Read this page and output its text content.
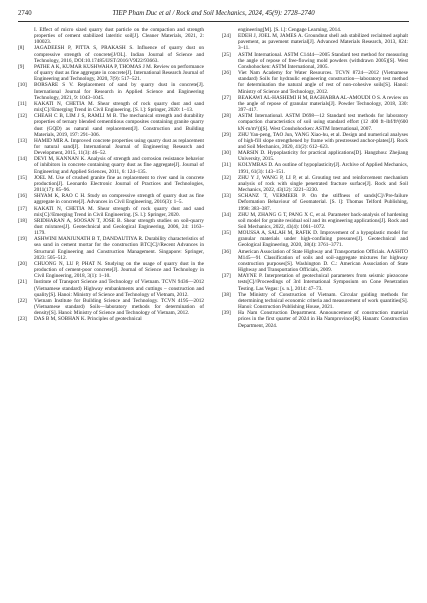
2740	TIEP Pham Duc et al / Rock and Soil Mechanics, 2024, 45(9): 2728–2740

I. Effect of micro sized quarry dust particle on the compaction and strength properties of cement stabilized lateritic soil[J]. Cleaner Materials, 2021, 2: 100023.

[8] JAGADEESH P, PITTA S, PRAKASH S. Influence of quarry dust on compressive strength of concrete[J/OL]. Indian Journal of Science and Technology, 2016, DOI:10.17485/IJST/2016/V9I22/93663.

[9] PATHE A K, KUMAR KUSHWAHA P, THOMAS J M. Review on performance of quarry dust as fine aggregate in concrete[J]. International Research Journal of Engineering and Technology, 2020, 7(9): 517–521.

[10] BORSARE S V. Replacement of sand by quarry dust in concrete[J]. International Journal for Research in Applied Science and Engineering Technology, 2021, 9: 1043–1045.

[11] KAKATI N, CHETIA M. Shear strength of rock quarry dust and sand mix[C]//Emerging Trend in Civil Engineering. [S. l.]: Springer, 2020: 1–13.

[12] CHEAH C B, LIM J S, RAMLI M B. The mechanical strength and durability properties of ternary blended cementitious composites containing granite quarry dust (GQD) as natural sand replacement[J]. Construction and Building Materials, 2019, 197: 291–306.

[13] HAMID MIR A. Improved concrete properties using quarry dust as replacement for natural sand[J]. International Journal of Engineering Research and Development, 2015, 11(3): 46–52.

[14] DEVI M, KANNAN K. Analysis of strength and corrosion resistance behavior of inhibitors in concrete containing quarry dust as fine aggregate[J]. Journal of Engineering and Applied Sciences, 2011, 6: 124–135.

[15] JOEL M. Use of crushed granite fine as replacement to river sand in concrete production[J]. Leonardo Electronic Journal of Practices and Technologies, 2011(17): 85–96.

[16] SHYAM K, RAO C H. Study on compressive strength of quarry dust as fine aggregate in concrete[J]. Advances in Civil Engineering, 2016(3): 1–5.

[17] KAKATI N, CHETIA M. Shear strength of rock quarry dust and sand mix[C]//Emerging Trend in Civil Engineering. [S. l.]: Springer, 2020.

[18] SRIDHARAN A, SOOSAN T, JOSE B. Shear strength studies on soil-quarry dust mixtures[J]. Geotechnical and Geological Engineering, 2006, 24: 1163–1179.

[19] ASHWINI MANJUNATH B T, DANDAUTIYA R. Durability characteristics of sea sand in cement mortar for the construction BTC[C]//Recent Advances in Structural Engineering and Construction Management. Singapore: Springer, 2023: 505–512.

[20] CHUONG N, LU P, PHAT N. Studying on the usage of quarry dust in the production of cement-poor concrete[J]. Journal of Science and Technology in Civil Engineering, 2018, 3(1): 1–10.

[21] Institute of Transport Science and Technology of Vietnam. TCVN 9436—2012 (Vietnamese standard) Highway embankments and cuttings – construction and quality[S]. Hanoi: Ministry of Science and Technology of Vietnam, 2012.

[22] Vietnam Institute for Building Science and Technology. TCVN 4195—2012 (Vietnamese standard) Soils—laboratory methods for determination of density[S]. Hanoi: Ministry of Science and Technology of Vietnam, 2012.

[23] DAS B M, SOBHAN K. Principles of geotechnical

engineering[M]. [S. l.]: Cengage Learning, 2014.

[24] EDEH J, JOEL M, JAMES A. Groundnut shell ash stabilized reclaimed asphalt pavement, as pavement material[J]. Advanced Materials Research, 2013, 824: 3–11.

[25] ASTM International. ASTM C1444—2005 Standard test method for measuring the angle of repose of free-flowing mold powders (withdrawn 2005)[S]. West Conshohocken: ASTM International, 2005.

[26] Viet Nam Academy for Water Resources. TCVN 8724—2012 (Vietnamese standard) Soils for hydraulic engineering construction—laboratory test method for determination the natural angle of rest of non-cohesive soils[S]. Hanoi: Ministry of Science and Technology, 2012.

[27] BEAKAWI AL-HASHEMI H M, BAGHABRA AL-AMOUDI O S. A review on the angle of repose of granular materials[J]. Powder Technology, 2018, 330: 397–417.

[28] ASTM International. ASTM D698—12 Standard test methods for laboratory compaction characteristics of soil using standard effort (12 400 ft–lbf/ft³(600 kN·m/m³))[S]. West Conshohocken: ASTM International, 2007.

[29] ZHU Yan-peng, TAO Jun, YANG Xiao-hu, et al. Design and numerical analyses of high-fill slope strengthened by frame with prestressed anchor-plates[J]. Rock and Soil Mechanics, 2020, 41(2): 612–623.

[30] MARSIN D. Hypoplasticity for practical applications[D]. Hangzhou: Zhejiang University, 2015.

[31] KOLYMBAS D. An outline of hypoplasticity[J]. Archive of Applied Mechanics, 1991, 61(3): 143–151.

[32] ZHU Y J, WANG P, LI P, et al. Grouting test and reinforcement mechanism analysis of rock with single penetrated fracture surface[J]. Rock and Soil Mechanics, 2022, 43(12): 3221–3230.

[33] SCHANZ T, VERMEER P. On the stiffness of sands[C]//Pre-failure Deformation Behaviour of Geomaterial. [S. l]: Thomas Telford Publishing, 1998: 383–387.

[34] ZHU M, ZHANG G T, PANG X C, et al. Parameter back-analysis of hardening soil model for granite residual soil and its engineering applications[J]. Rock and Soil Mechanics, 2022, 43(4): 1061–1072.

[35] MOUSSA A, SALAH M, RAFIK D. Improvement of a hypoplastic model for granular materials under high-confining pressures[J]. Geotechnical and Geological Engineering, 2020, 38(4): 3761–3771.

[36] American Association of State Highway and Transportation Officials. AASHTO M145—91 Classification of soils and soil–aggregate mixtures for highway construction purposes[S]. Washington D. C.: American Association of State Highway and Transportation Officials, 2009.

[37] MAYNE P. Interpretation of geotechnical parameters from seismic piezocone tests[C]//Proceedings of 3rd International Symposium on Cone Penetration Testing. Las Vegas: [s. n.], 2014: 47–73.

[38] The Ministry of Construction of Vietnam. Circular guiding methods for determining technical economic criteria and measurement of work quantities[S]. Hanoi: Construction Publishing House, 2021.

[39] Ha Nam Construction Department. Announcement of construction material prices in the first quarter of 2024 in Ha Namprovince[R]. Hanam: Construction Department, 2024.
